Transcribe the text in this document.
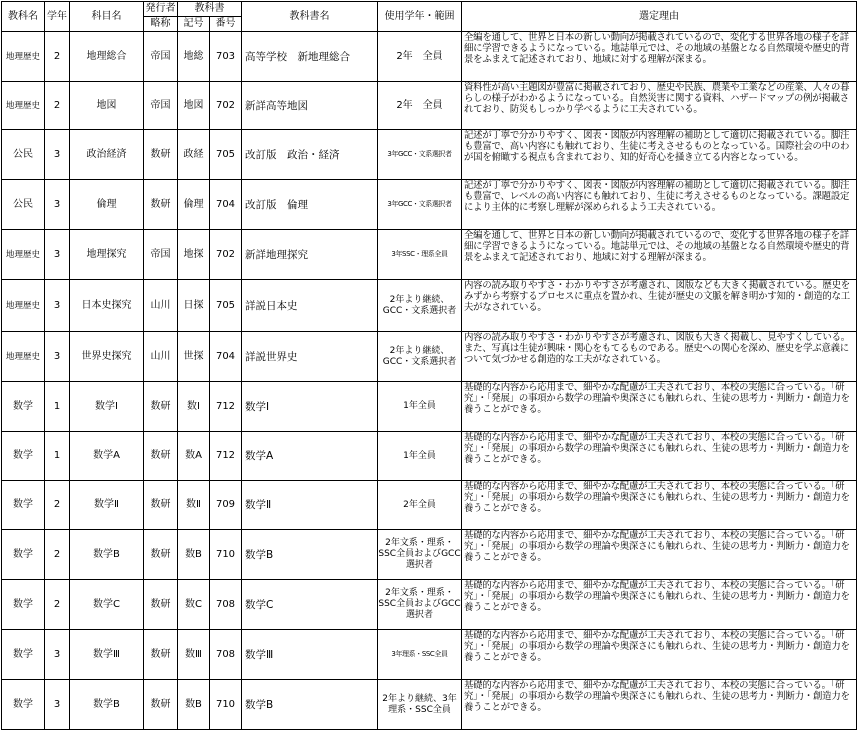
教科名	学年	科目名	発行者	教科書		教科書名	使用学年・範囲	選定理由
			略称	記号	番号			
地理歴史	2	地理総合	帝国	地総	703	高等学校　新地理総合	2年　全員	全編を通して、世界と日本の新しい動向が掲載されているので、変化する世界各地の様子を詳細に学習できるようになっている。地誌単元では、その地域の基盤となる自然環境や歴史的背景をふまえて記述されており、地域に対する理解が深まる。
地理歴史	2	地図	帝国	地図	702	新詳高等地図	2年　全員	資料性が高い主題図が豊富に掲載されており、歴史や民族、農業や工業などの産業、人々の暮らしの様子がわかるようになっている。自然災害に関する資料、ハザードマップの例が掲載されており、防災もしっかり学べるように工夫されている。
公民	3	政治経済	数研	政経	705	改訂版　政治・経済	3年GCC・文系選択者	記述が丁寧で分かりやすく、図表・図版が内容理解の補助として適切に掲載されている。脚注も豊富で、高い内容にも触れており、生徒に考えさせるものとなっている。国際社会の中のわが国を俯瞰する視点も含まれており、知的好奇心を掻き立てる内容となっている。
公民	3	倫理	数研	倫理	704	改訂版　倫理	3年GCC・文系選択者	記述が丁寧で分かりやすく、図表・図版が内容理解の補助として適切に掲載されている。脚注も豊富で、レベルの高い内容にも触れており、生徒に考えさせるものとなっている。課題設定により主体的に考察し理解が深められるよう工夫されている。
地理歴史	3	地理探究	帝国	地探	702	新詳地理探究	3年SSC・理系全員	全編を通して、世界と日本の新しい動向が掲載されているので、変化する世界各地の様子を詳細に学習できるようになっている。地誌単元では、その地域の基盤となる自然環境や歴史的背景をふまえて記述されており、地域に対する理解が深まる。
地理歴史	3	日本史探究	山川	日探	705	詳説日本史	2年より継続、GCC・文系選択者	内容の読み取りやすさ・わかりやすさが考慮され、図版なども大きく掲載されている。歴史をみずから考察するプロセスに重点を置かれ、生徒が歴史の文脈を解き明かす知的・創造的な工夫がなされている。
地理歴史	3	世界史探究	山川	世探	704	詳説世界史	2年より継続、GCC・文系選択者	内容の読み取りやすさ・わかりやすさが考慮され、図版も大きく掲載し、見やすくしている。また、写真は生徒が興味・関心をもてるものである。歴史への関心を深め、歴史を学ぶ意義について気づかせる創造的な工夫がなされている。
数学	1	数学Ⅰ	数研	数Ⅰ	712	数学Ⅰ	1年全員	基礎的な内容から応用まで、細やかな配慮が工夫されており、本校の実態に合っている。「研究」・「発展」の事項から数学の理論や奥深さにも触れられ、生徒の思考力・判断力・創造力を養うことができる。
数学	1	数学A	数研	数A	712	数学A	1年全員	基礎的な内容から応用まで、細やかな配慮が工夫されており、本校の実態に合っている。「研究」・「発展」の事項から数学の理論や奥深さにも触れられ、生徒の思考力・判断力・創造力を養うことができる。
数学	2	数学Ⅱ	数研	数Ⅱ	709	数学Ⅱ	2年全員	基礎的な内容から応用まで、細やかな配慮が工夫されており、本校の実態に合っている。「研究」・「発展」の事項から数学の理論や奥深さにも触れられ、生徒の思考力・判断力・創造力を養うことができる。
数学	2	数学B	数研	数B	710	数学B	2年文系・理系・SSC全員およびGCC選択者	基礎的な内容から応用まで、細やかな配慮が工夫されており、本校の実態に合っている。「研究」・「発展」の事項から数学の理論や奥深さにも触れられ、生徒の思考力・判断力・創造力を養うことができる。
数学	2	数学C	数研	数C	708	数学C	2年文系・理系・SSC全員およびGCC選択者	基礎的な内容から応用まで、細やかな配慮が工夫されており、本校の実態に合っている。「研究」・「発展」の事項から数学の理論や奥深さにも触れられ、生徒の思考力・判断力・創造力を養うことができる。
数学	3	数学Ⅲ	数研	数Ⅲ	708	数学Ⅲ	3年理系・SSC全員	基礎的な内容から応用まで、細やかな配慮が工夫されており、本校の実態に合っている。「研究」・「発展」の事項から数学の理論や奥深さにも触れられ、生徒の思考力・判断力・創造力を養うことができる。
数学	3	数学B	数研	数B	710	数学B	2年より継続、3年理系・SSC全員	基礎的な内容から応用まで、細やかな配慮が工夫されており、本校の実態に合っている。「研究」・「発展」の事項から数学の理論や奥深さにも触れられ、生徒の思考力・判断力・創造力を養うことができる。
